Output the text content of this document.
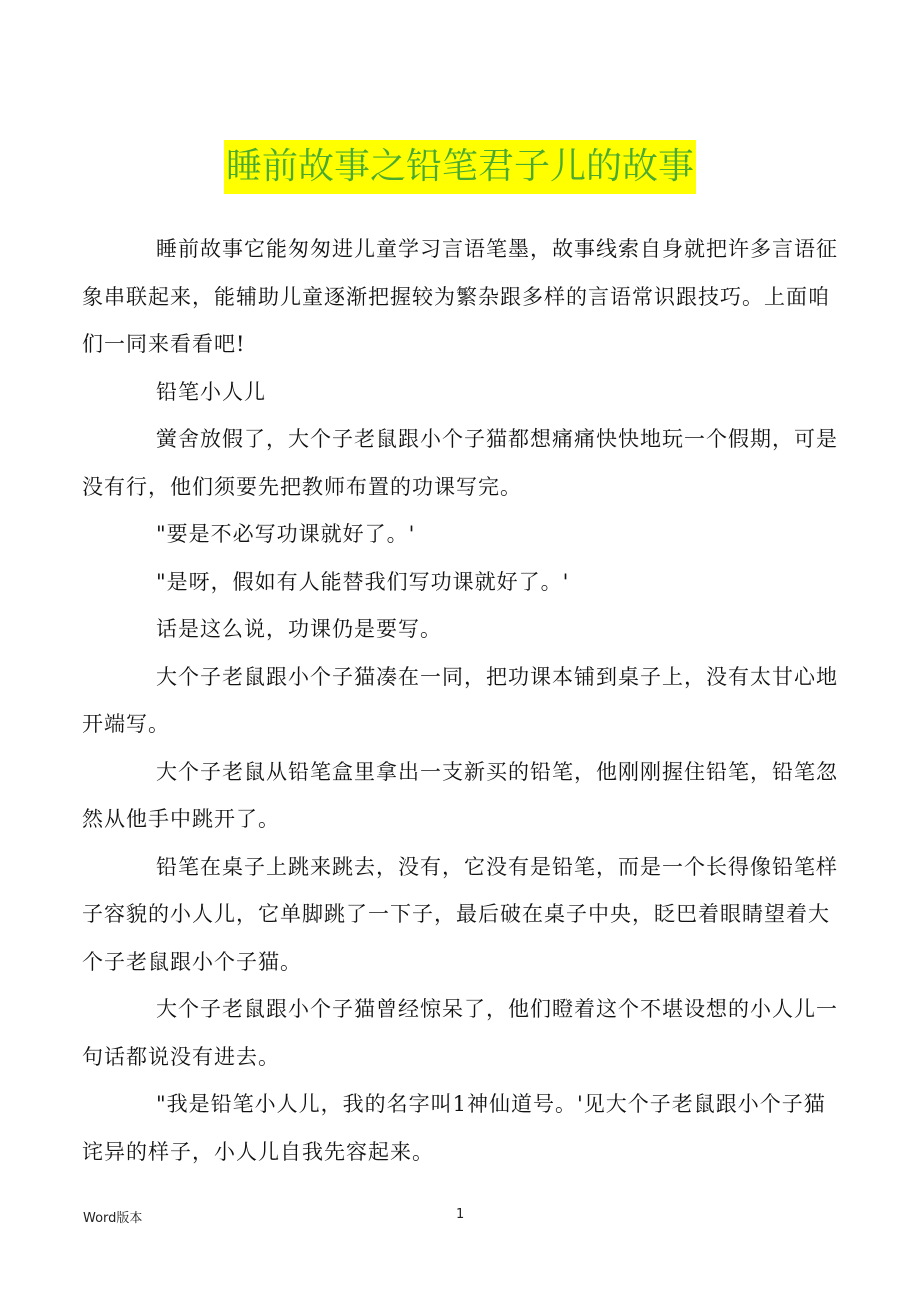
睡前故事之铅笔君子儿的故事

睡前故事它能匆匆进儿童学习言语笔墨，故事线索自身就把许多言语征象串联起来，能辅助儿童逐渐把握较为繁杂跟多样的言语常识跟技巧。上面咱们一同来看看吧!

铅笔小人儿

黉舍放假了，大个子老鼠跟小个子猫都想痛痛快快地玩一个假期，可是没有行，他们须要先把教师布置的功课写完。

"要是不必写功课就好了。'

"是呀，假如有人能替我们写功课就好了。'

话是这么说，功课仍是要写。

大个子老鼠跟小个子猫凑在一同，把功课本铺到桌子上，没有太甘心地开端写。

大个子老鼠从铅笔盒里拿出一支新买的铅笔，他刚刚握住铅笔，铅笔忽然从他手中跳开了。

铅笔在桌子上跳来跳去，没有，它没有是铅笔，而是一个长得像铅笔样子容貌的小人儿，它单脚跳了一下子，最后破在桌子中央，眨巴着眼睛望着大个子老鼠跟小个子猫。

大个子老鼠跟小个子猫曾经惊呆了，他们瞪着这个不堪设想的小人儿一句话都说没有进去。

"我是铅笔小人儿，我的名字叫1神仙道号。'见大个子老鼠跟小个子猫诧异的样子，小人儿自我先容起来。

Word版本	1
